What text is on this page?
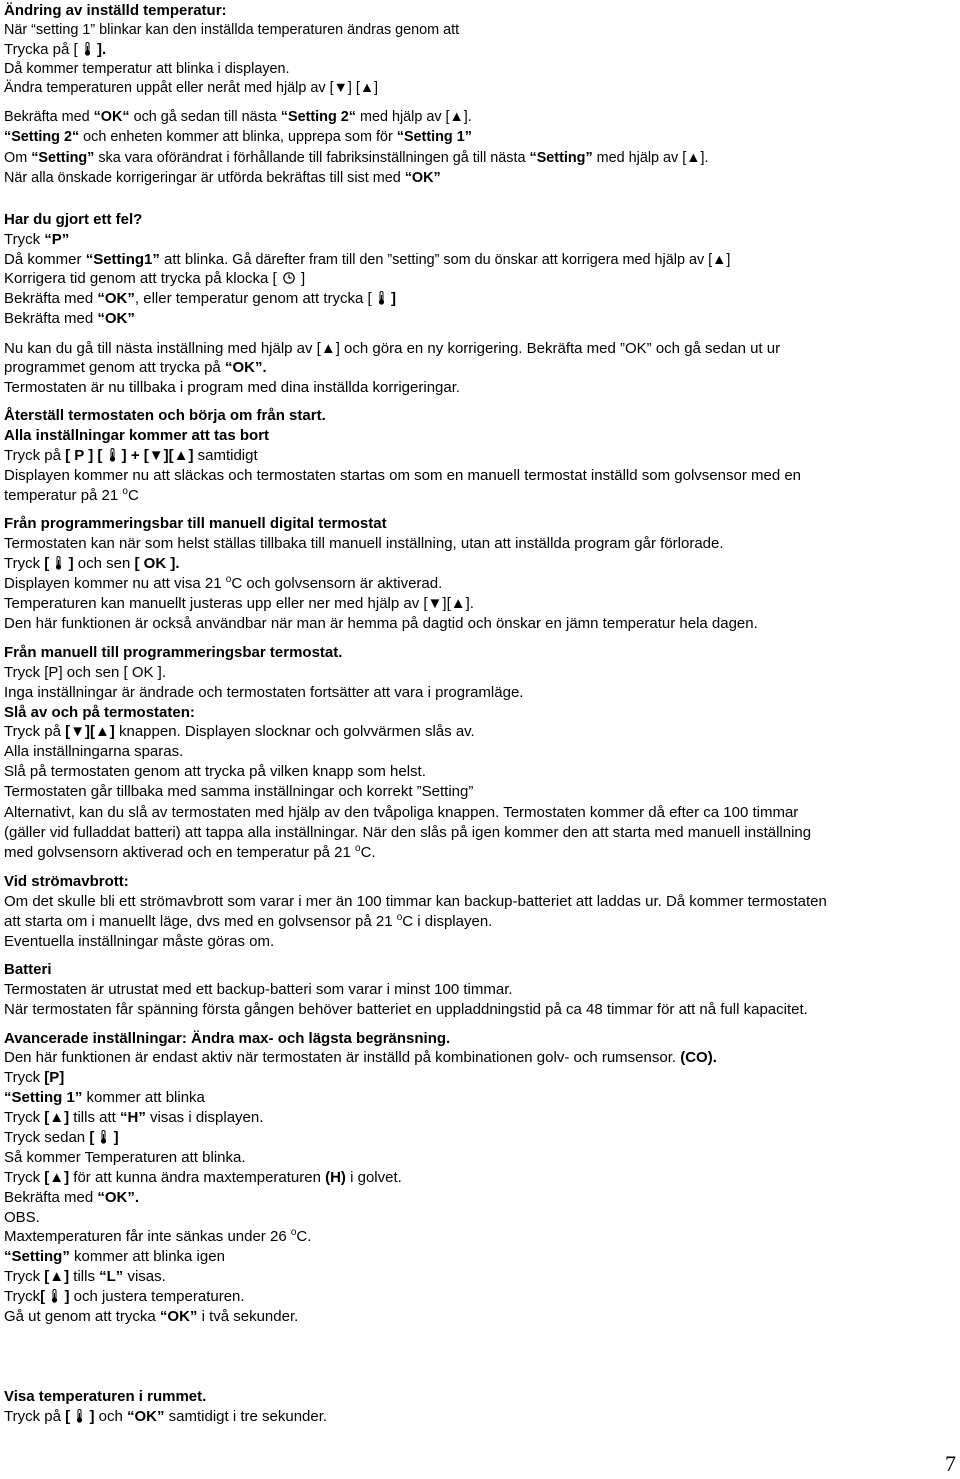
Ändring av inställd temperatur:
När “setting 1” blinkar kan den inställda temperaturen ändras genom att
Trycka på [  ].
Då kommer temperatur att blinka i displayen.
Ändra temperaturen uppåt eller neråt med hjälp av [▼] [▲]
Bekräfta med “OK“ och gå sedan till nästa “Setting 2“ med hjälp av [▲].
“Setting 2“ och enheten kommer att blinka, upprepa som för “Setting 1”
Om “Setting” ska vara oförändrat i förhållande till fabriksinställningen gå till nästa “Setting” med hjälp av [▲].
När alla önskade korrigeringar är utförda bekräftas till sist med “OK”
Har du gjort ett fel?
Tryck “P”
Då kommer “Setting1” att blinka. Gå därefter fram till den ”setting” som du önskar att korrigera med hjälp av [▲]
Korrigera tid genom att trycka på klocka [  ]
Bekräfta med “OK”, eller temperatur genom att trycka [  ]
Bekräfta med “OK”
Nu kan du gå till nästa inställning med hjälp av [▲] och göra en ny korrigering. Bekräfta med ”OK” och gå sedan ut ur
programmet genom att trycka på “OK”.
Termostaten är nu tillbaka i program med dina inställda korrigeringar.
Återställ termostaten och börja om från start.
Alla inställningar kommer att tas bort
Tryck på [ P ] [  ] + [▼][▲] samtidigt
Displayen kommer nu att släckas och termostaten startas om som en manuell termostat inställd som golvsensor med en
temperatur på 21 $^o$C
Från programmeringsbar till manuell digital termostat
Termostaten kan när som helst ställas tillbaka till manuell inställning, utan att inställda program går förlorade.
Tryck [  ] och sen [ OK ].
Displayen kommer nu att visa 21 $^o$C och golvsensorn är aktiverad.
Temperaturen kan manuellt justeras upp eller ner med hjälp av [▼][▲].
Den här funktionen är också användbar när man är hemma på dagtid och önskar en jämn temperatur hela dagen.
Från manuell till programmeringsbar termostat.
Tryck [P] och sen [ OK ].
Inga inställningar är ändrade och termostaten fortsätter att vara i programläge.
Slå av och på termostaten:
Tryck på [▼][▲] knappen. Displayen slocknar och golvvärmen slås av.
Alla inställningarna sparas.
Slå på termostaten genom att trycka på vilken knapp som helst.
Termostaten går tillbaka med samma inställningar och korrekt ”Setting”
Alternativt, kan du slå av termostaten med hjälp av den tvåpoliga knappen. Termostaten kommer då efter ca 100 timmar
(gäller vid fulladdat batteri) att tappa alla inställningar. När den slås på igen kommer den att starta med manuell inställning
med golvsensorn aktiverad och en temperatur på 21 $^o$C.
Vid strömavbrott:
Om det skulle bli ett strömavbrott som varar i mer än 100 timmar kan backup-batteriet att laddas ur. Då kommer termostaten
att starta om i manuellt läge, dvs med en golvsensor på 21 $^o$C i displayen.
Eventuella inställningar måste göras om.
Batteri
Termostaten är utrustat med ett backup-batteri som varar i minst 100 timmar.
När termostaten får spänning första gången behöver batteriet en uppladdningstid på ca 48 timmar för att nå full kapacitet.
Avancerade inställningar: Ändra max- och lägsta begränsning.
Den här funktionen är endast aktiv när termostaten är inställd på kombinationen golv- och rumsensor. (CO).
Tryck [P]
“Setting 1” kommer att blinka
Tryck [▲] tills att “H” visas i displayen.
Tryck sedan [  ]
Så kommer Temperaturen att blinka.
Tryck [▲] för att kunna ändra maxtemperaturen (H) i golvet.
Bekräfta med “OK”.
OBS.
Maxtemperaturen får inte sänkas under 26 $^o$C.
“Setting” kommer att blinka igen
Tryck [▲] tills “L” visas.
Tryck[  ] och justera temperaturen.
Gå ut genom att trycka “OK” i två sekunder.
Visa temperaturen i rummet.
Tryck på [  ] och “OK” samtidigt i tre sekunder.
7
